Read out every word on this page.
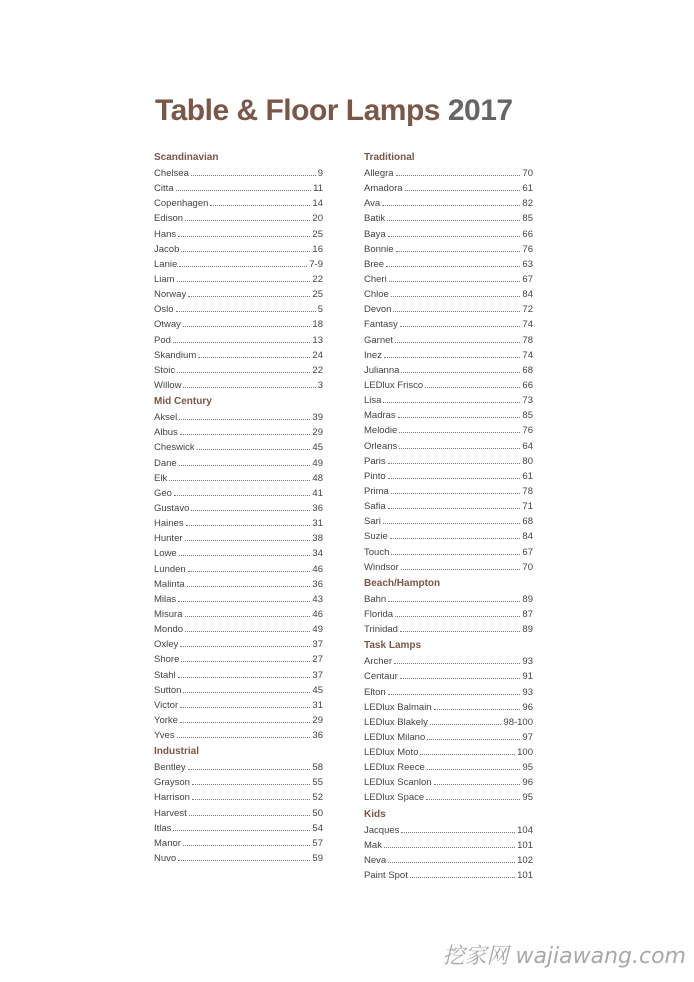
Table & Floor Lamps 2017
Scandinavian
Chelsea	9
Citta	11
Copenhagen	14
Edison	20
Hans	25
Jacob	16
Lanie	7-9
Liam	22
Norway	25
Oslo	5
Otway	18
Pod	13
Skandium	24
Stoic	22
Willow	3
Mid Century
Aksel	39
Albus	29
Cheswick	45
Dane	49
Elk	48
Geo	41
Gustavo	36
Haines	31
Hunter	38
Lowe	34
Lunden	46
Malinta	36
Milas	43
Misura	46
Mondo	49
Oxley	37
Shore	27
Stahl	37
Sutton	45
Victor	31
Yorke	29
Yves	36
Industrial
Bentley	58
Grayson	55
Harrison	52
Harvest	50
Itlas	54
Manor	57
Nuvo	59
Traditional
Allegra	70
Amadora	61
Ava	82
Batik	85
Baya	66
Bonnie	76
Bree	63
Cheri	67
Chloe	84
Devon	72
Fantasy	74
Garnet	78
Inez	74
Julianna	68
LEDlux Frisco	66
Lisa	73
Madras	85
Melodie	76
Orleans	64
Paris	80
Pinto	61
Prima	78
Safia	71
Sari	68
Suzie	84
Touch	67
Windsor	70
Beach/Hampton
Bahn	89
Florida	87
Trinidad	89
Task Lamps
Archer	93
Centaur	91
Elton	93
LEDlux Balmain	96
LEDlux Blakely	98-100
LEDlux Milano	97
LEDlux Moto	100
LEDlux Reece	95
LEDlux Scanlon	96
LEDlux Space	95
Kids
Jacques	104
Mak	101
Neva	102
Paint Spot	101
挖家网 wajiawang.com
